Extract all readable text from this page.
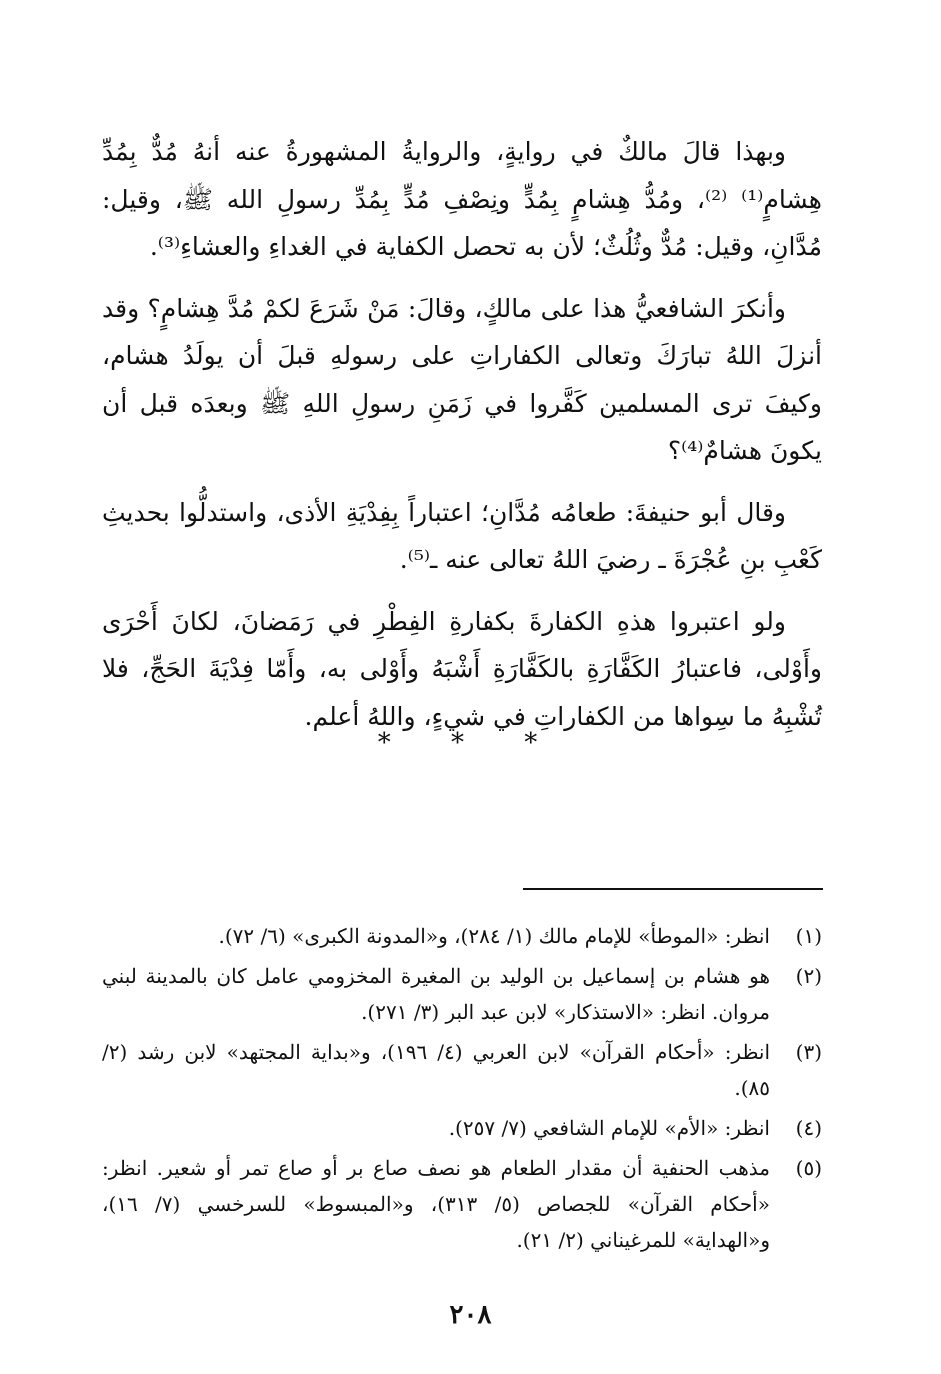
وبهذا قالَ مالكٌ في روايةٍ، والروايةُ المشهورةُ عنه أنهُ مُدٌّ بِمُدِّ هِشامٍ⁽¹⁾ ⁽²⁾، ومُدُّ هِشامٍ بِمُدٍّ ونِصْفِ مُدٍّ بِمُدِّ رسولِ الله ﷺ، وقيل: مُدَّانِ، وقيل: مُدٌّ وثُلُثٌ؛ لأن به تحصل الكفاية في الغداءِ والعشاءِ⁽³⁾.

وأنكرَ الشافعيُّ هذا على مالكٍ، وقالَ: مَنْ شَرَعَ لكمْ مُدَّ هِشامٍ؟ وقد أنزلَ اللهُ تبارَكَ وتعالى الكفاراتِ على رسولهِ قبلَ أن يولَدُ هشام، وكيفَ ترى المسلمين كَفَّروا في زَمَنِ رسولِ اللهِ ﷺ وبعدَه قبل أن يكونَ هشامٌ⁽⁴⁾؟

وقال أبو حنيفةَ: طعامُه مُدَّانِ؛ اعتباراً بِفِدْيَةِ الأذى، واستدلُّوا بحديثِ كَعْبِ بنِ عُجْرَةَ ـ رضيَ اللهُ تعالى عنه ـ⁽⁵⁾.

ولو اعتبروا هذهِ الكفارةَ بكفارةِ الفِطْرِ في رَمَضانَ، لكانَ أَحْرَى وأَوْلى، فاعتبارُ الكَفَّارَةِ بالكَفَّارَةِ أَشْبَهُ وأَوْلى به، وأَمّا فِدْيَةَ الحَجِّ، فلا تُشْبِهُ ما سِواها من الكفاراتِ في شيءٍ، واللهُ أعلم.

* * *
(١)
انظر: «الموطأ» للإمام مالك (١/ ٢٨٤)، و«المدونة الكبرى» (٦/ ٧٢).
(٢)
هو هشام بن إسماعيل بن الوليد بن المغيرة المخزومي عامل كان بالمدينة لبني مروان. انظر: «الاستذكار» لابن عبد البر (٣/ ٢٧١).
(٣)
انظر: «أحكام القرآن» لابن العربي (٤/ ١٩٦)، و«بداية المجتهد» لابن رشد (٢/ ٨٥).
(٤)
انظر: «الأم» للإمام الشافعي (٧/ ٢٥٧).
(٥)
مذهب الحنفية أن مقدار الطعام هو نصف صاع بر أو صاع تمر أو شعير. انظر: «أحكام القرآن» للجصاص (٥/ ٣١٣)، و«المبسوط» للسرخسي (٧/ ١٦)، و«الهداية» للمرغيناني (٢/ ٢١).
٢٠٨
